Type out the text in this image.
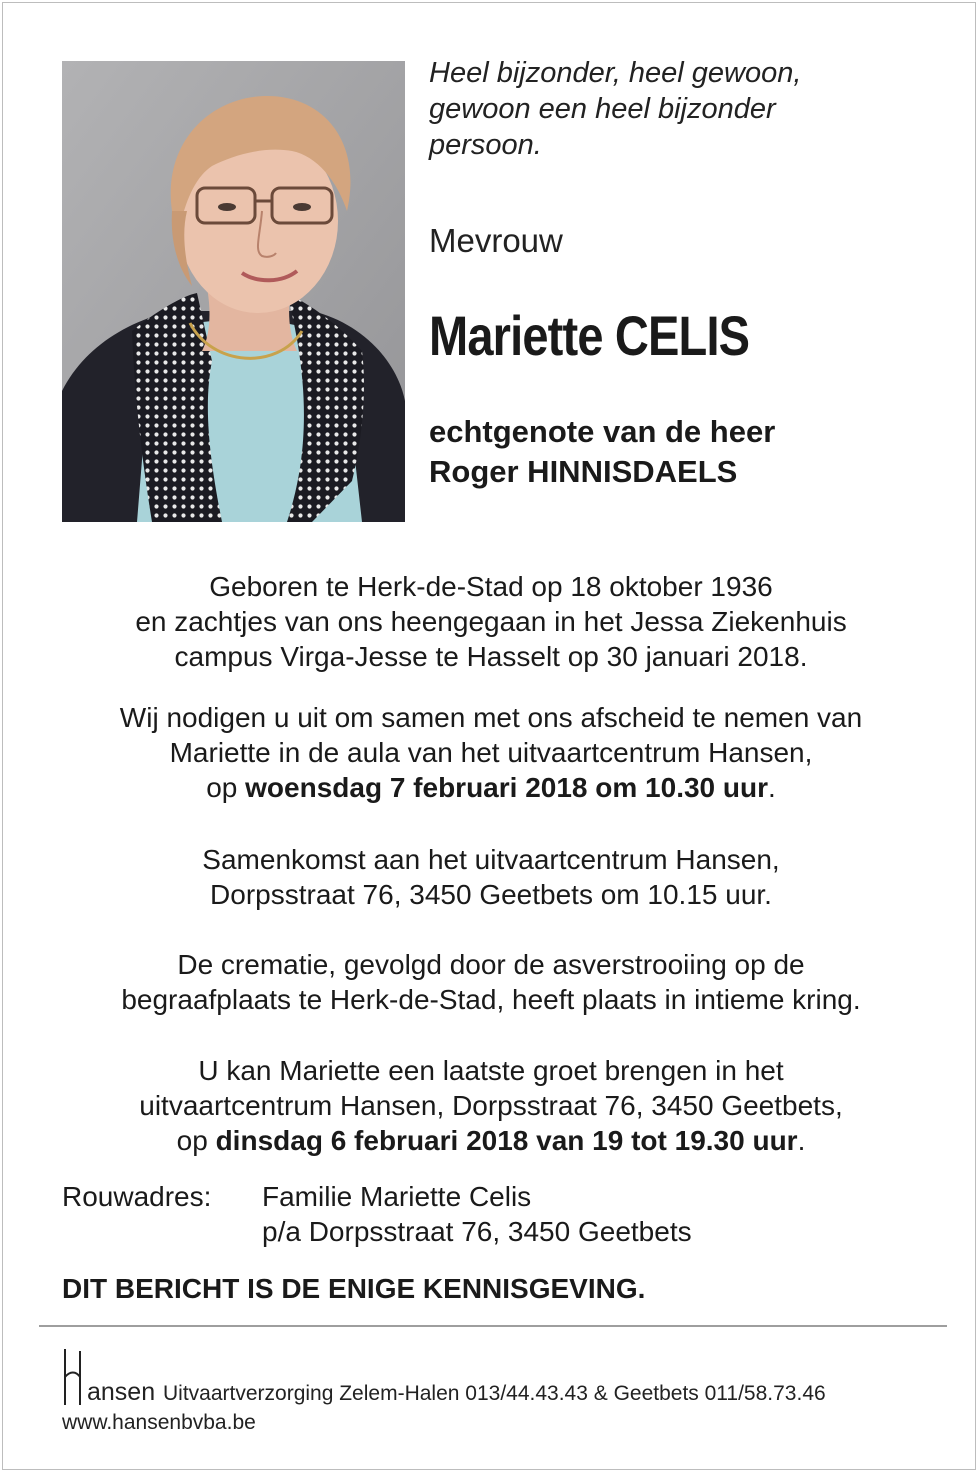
Heel bijzonder, heel gewoon,
gewoon een heel bijzonder
persoon.
Mevrouw
Mariette CELIS
echtgenote van de heer
Roger HINNISDAELS
Geboren te Herk-de-Stad op 18 oktober 1936
en zachtjes van ons heengegaan in het Jessa Ziekenhuis
campus Virga-Jesse te Hasselt op 30 januari 2018.
Wij nodigen u uit om samen met ons afscheid te nemen van
Mariette in de aula van het uitvaartcentrum Hansen,
op woensdag 7 februari 2018 om 10.30 uur.
Samenkomst aan het uitvaartcentrum Hansen,
Dorpsstraat 76, 3450 Geetbets om 10.15 uur.
De crematie, gevolgd door de asverstrooiing op de
begraafplaats te Herk-de-Stad, heeft plaats in intieme kring.
U kan Mariette een laatste groet brengen in het
uitvaartcentrum Hansen, Dorpsstraat 76, 3450 Geetbets,
op dinsdag 6 februari 2018 van 19 tot 19.30 uur.
Rouwadres: Familie Mariette Celis
p/a Dorpsstraat 76, 3450 Geetbets
DIT BERICHT IS DE ENIGE KENNISGEVING.
ansen Uitvaartverzorging Zelem-Halen 013/44.43.43 & Geetbets 011/58.73.46
www.hansenbvba.be
